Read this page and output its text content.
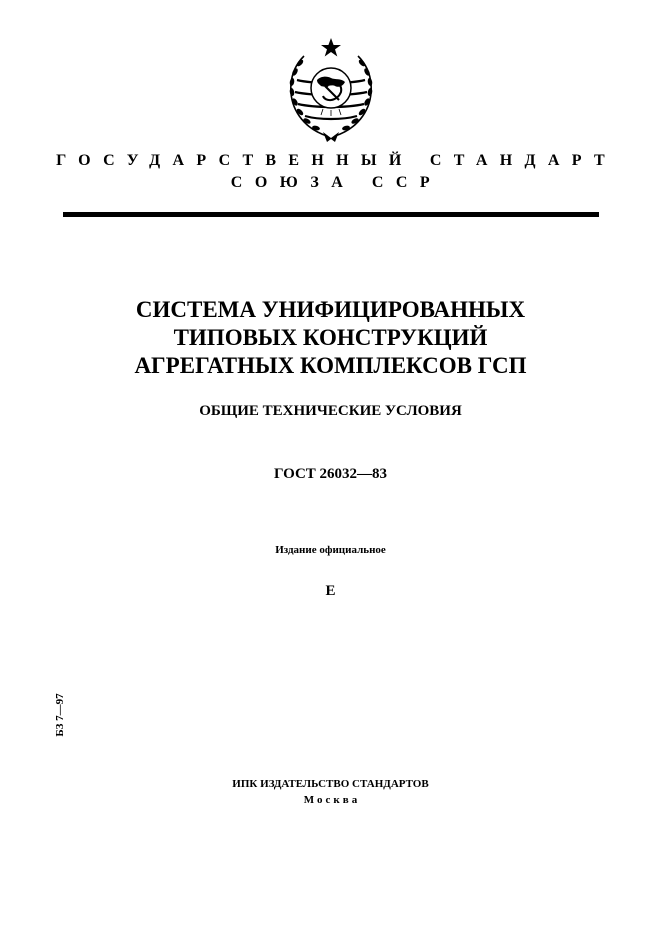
ГОСУДАРСТВЕННЫЙ СТАНДАРТ
СОЮЗА ССР
СИСТЕМА УНИФИЦИРОВАННЫХ
ТИПОВЫХ КОНСТРУКЦИЙ
АГРЕГАТНЫХ КОМПЛЕКСОВ ГСП
ОБЩИЕ ТЕХНИЧЕСКИЕ УСЛОВИЯ
ГОСТ 26032—83
Издание официальное
Е
БЗ 7—97
ИПК ИЗДАТЕЛЬСТВО СТАНДАРТОВ
Москва
